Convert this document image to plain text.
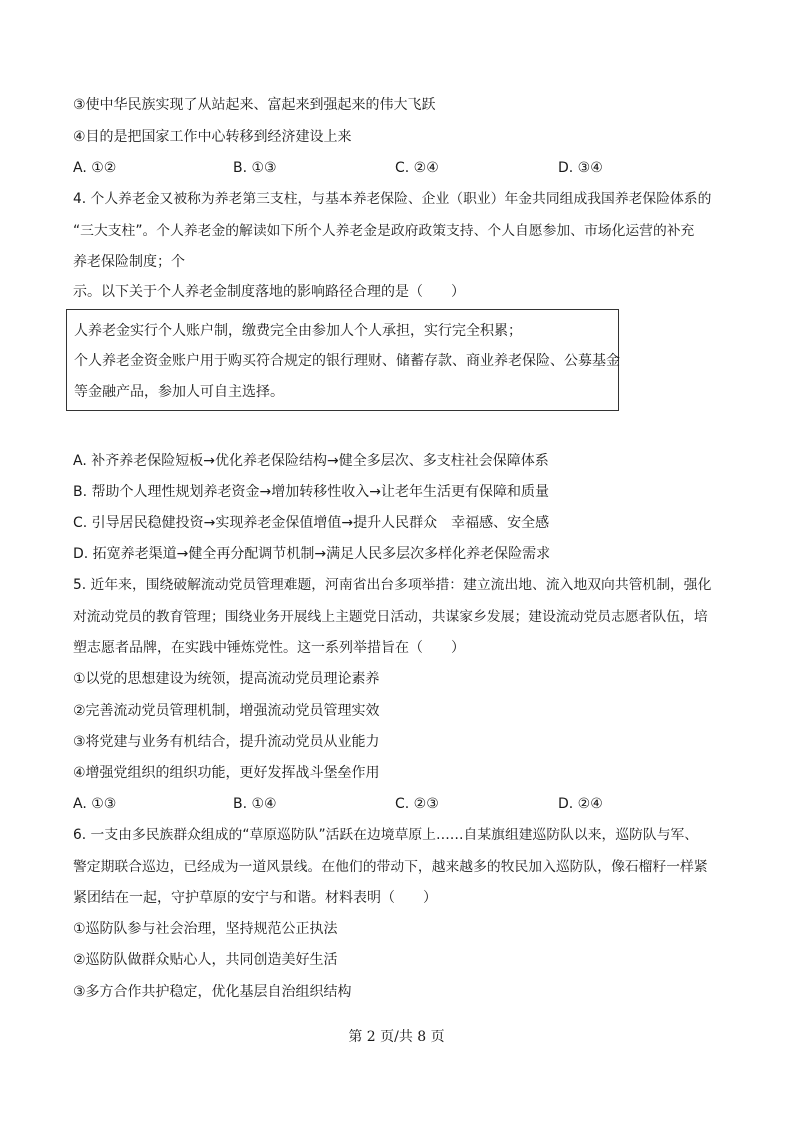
③使中华民族实现了从站起来、富起来到强起来的伟大飞跃
④目的是把国家工作中心转移到经济建设上来
A. ①②	B. ①③	C. ②④	D. ③④
4. 个人养老金又被称为养老第三支柱，与基本养老保险、企业（职业）年金共同组成我国养老保险体系的
“三大支柱”。个人养老金的解读如下所个人养老金是政府政策支持、个人自愿参加、市场化运营的补充
养老保险制度；个
示。以下关于个人养老金制度落地的影响路径合理的是（　　）
人养老金实行个人账户制，缴费完全由参加人个人承担，实行完全积累；
个人养老金资金账户用于购买符合规定的银行理财、储蓄存款、商业养老保险、公募基金
等金融产品，参加人可自主选择。
A. 补齐养老保险短板→优化养老保险结构→健全多层次、多支柱社会保障体系
B. 帮助个人理性规划养老资金→增加转移性收入→让老年生活更有保障和质量
C. 引导居民稳健投资→实现养老金保值增值→提升人民群众　幸福感、安全感
D. 拓宽养老渠道→健全再分配调节机制→满足人民多层次多样化养老保险需求
5. 近年来，围绕破解流动党员管理难题，河南省出台多项举措：建立流出地、流入地双向共管机制，强化
对流动党员的教育管理；围绕业务开展线上主题党日活动，共谋家乡发展；建设流动党员志愿者队伍，培
塑志愿者品牌，在实践中锤炼党性。这一系列举措旨在（　　）
①以党的思想建设为统领，提高流动党员理论素养
②完善流动党员管理机制，增强流动党员管理实效
③将党建与业务有机结合，提升流动党员从业能力
④增强党组织的组织功能，更好发挥战斗堡垒作用
A. ①③	B. ①④	C. ②③	D. ②④
6. 一支由多民族群众组成的“草原巡防队”活跃在边境草原上……自某旗组建巡防队以来，巡防队与军、
警定期联合巡边，已经成为一道风景线。在他们的带动下，越来越多的牧民加入巡防队，像石榴籽一样紧
紧团结在一起，守护草原的安宁与和谐。材料表明（　　）
①巡防队参与社会治理，坚持规范公正执法
②巡防队做群众贴心人，共同创造美好生活
③多方合作共护稳定，优化基层自治组织结构
第 2 页/共 8 页
